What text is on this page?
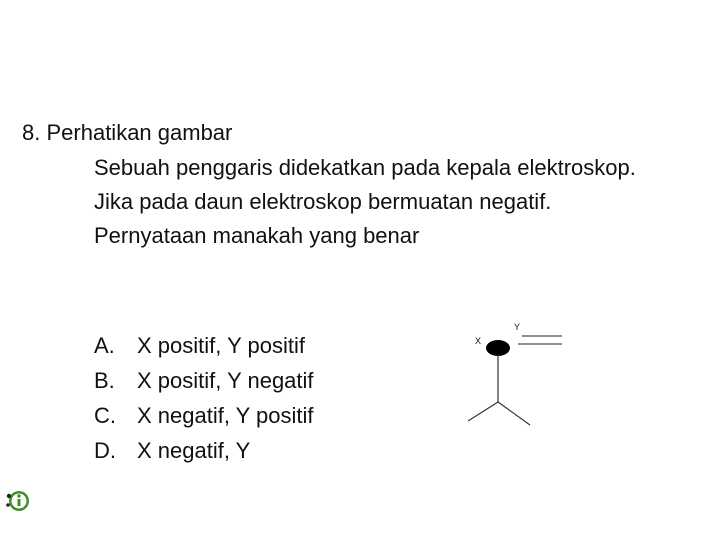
8. Perhatikan gambar
Sebuah penggaris didekatkan pada kepala elektroskop. Jika pada daun elektroskop bermuatan negatif. Pernyataan manakah yang benar
A.	X positif, Y positif
B.	X positif, Y negatif
C. X negatif, Y positif
D. X negatif, Y
X
Y
